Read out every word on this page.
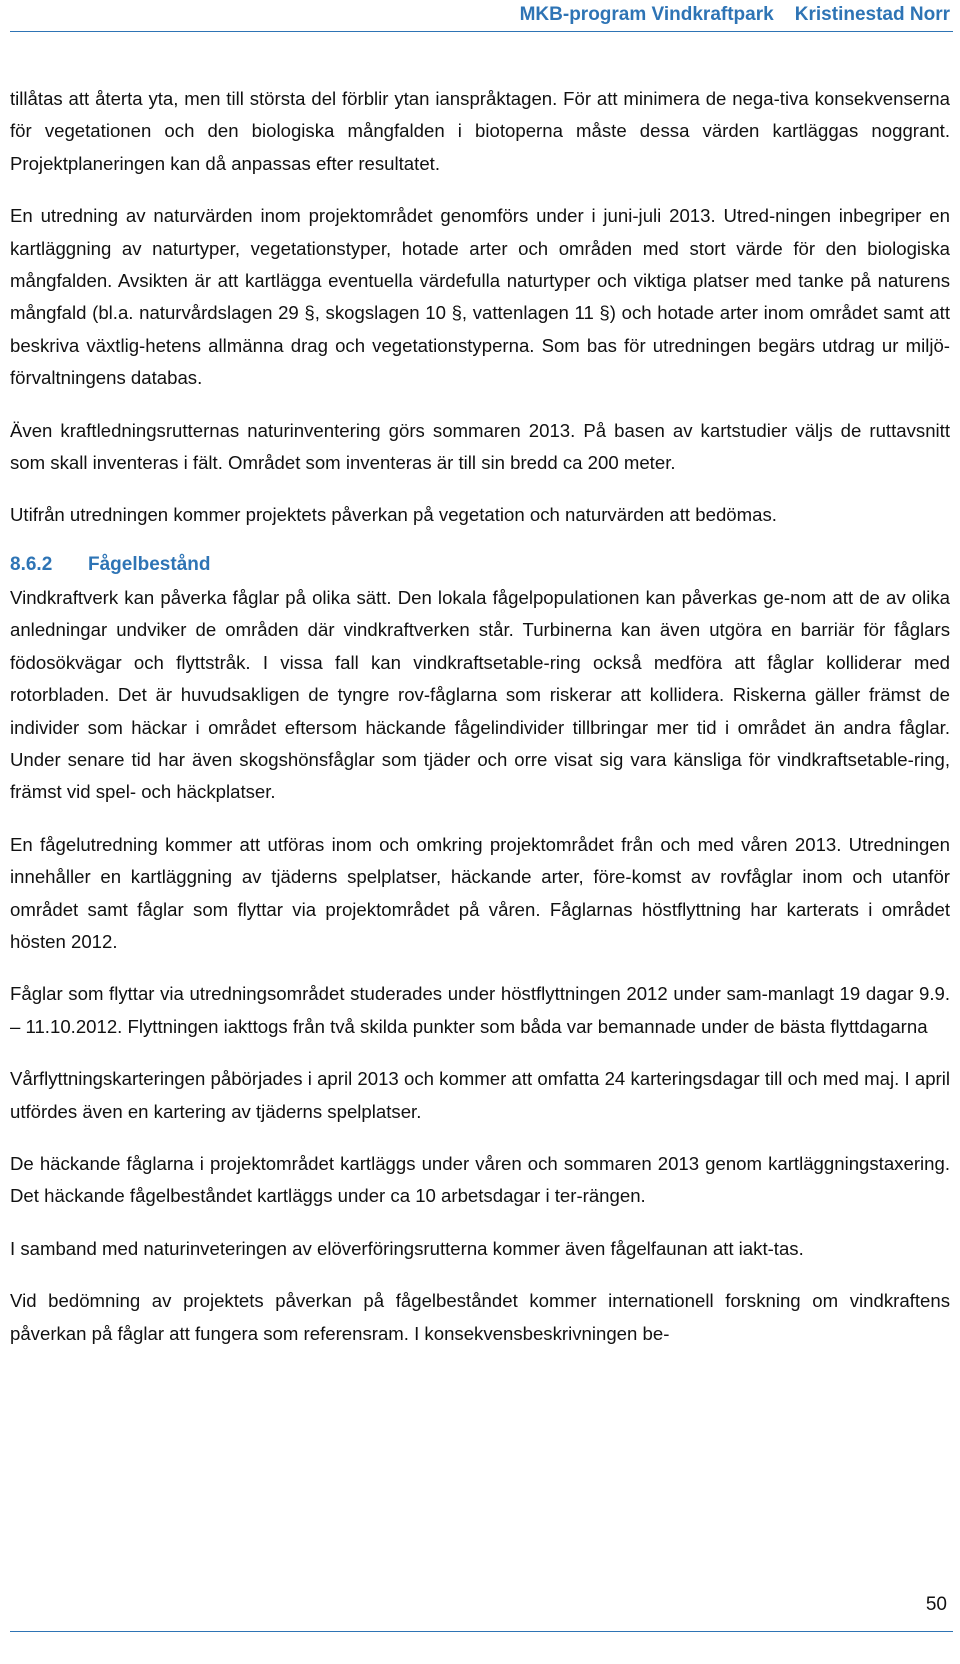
MKB-program Vindkraftpark    Kristinestad Norr

tillåtas att återta yta, men till största del förblir ytan ianspråktagen. För att minimera de nega-tiva konsekvenserna för vegetationen och den biologiska mångfalden i biotoperna måste dessa värden kartläggas noggrant. Projektplaneringen kan då anpassas efter resultatet.

En utredning av naturvärden inom projektområdet genomförs under i juni-juli 2013. Utred-ningen inbegriper en kartläggning av naturtyper, vegetationstyper, hotade arter och områden med stort värde för den biologiska mångfalden. Avsikten är att kartlägga eventuella värdefulla naturtyper och viktiga platser med tanke på naturens mångfald (bl.a. naturvårdslagen 29 §, skogslagen 10 §, vattenlagen 11 §) och hotade arter inom området samt att beskriva växtlig-hetens allmänna drag och vegetationstyperna. Som bas för utredningen begärs utdrag ur miljö-förvaltningens databas.

Även kraftledningsrutternas naturinventering görs sommaren 2013. På basen av kartstudier väljs de ruttavsnitt som skall inventeras i fält. Området som inventeras är till sin bredd ca 200 meter.

Utifrån utredningen kommer projektets påverkan på vegetation och naturvärden att bedömas.

8.6.2 Fågelbestånd

Vindkraftverk kan påverka fåglar på olika sätt. Den lokala fågelpopulationen kan påverkas ge-nom att de av olika anledningar undviker de områden där vindkraftverken står. Turbinerna kan även utgöra en barriär för fåglars födosökvägar och flyttstråk. I vissa fall kan vindkraftsetable-ring också medföra att fåglar kolliderar med rotorbladen. Det är huvudsakligen de tyngre rov-fåglarna som riskerar att kollidera. Riskerna gäller främst de individer som häckar i området eftersom häckande fågelindivider tillbringar mer tid i området än andra fåglar. Under senare tid har även skogshönsfåglar som tjäder och orre visat sig vara känsliga för vindkraftsetable-ring, främst vid spel- och häckplatser.

En fågelutredning kommer att utföras inom och omkring projektområdet från och med våren 2013. Utredningen innehåller en kartläggning av tjäderns spelplatser, häckande arter, före-komst av rovfåglar inom och utanför området samt fåglar som flyttar via projektområdet på våren. Fåglarnas höstflyttning har karterats i området hösten 2012.

Fåglar som flyttar via utredningsområdet studerades under höstflyttningen 2012 under sam-manlagt 19 dagar 9.9. – 11.10.2012. Flyttningen iakttogs från två skilda punkter som båda var bemannade under de bästa flyttdagarna

Vårflyttningskarteringen påbörjades i april 2013 och kommer att omfatta 24 karteringsdagar till och med maj. I april utfördes även en kartering av tjäderns spelplatser.

De häckande fåglarna i projektområdet kartläggs under våren och sommaren 2013 genom kartläggningstaxering. Det häckande fågelbeståndet kartläggs under ca 10 arbetsdagar i ter-rängen.

I samband med naturinveteringen av elöverföringsrutterna kommer även fågelfaunan att iakt-tas.

Vid bedömning av projektets påverkan på fågelbeståndet kommer internationell forskning om vindkraftens påverkan på fåglar att fungera som referensram. I konsekvensbeskrivningen be-

50
